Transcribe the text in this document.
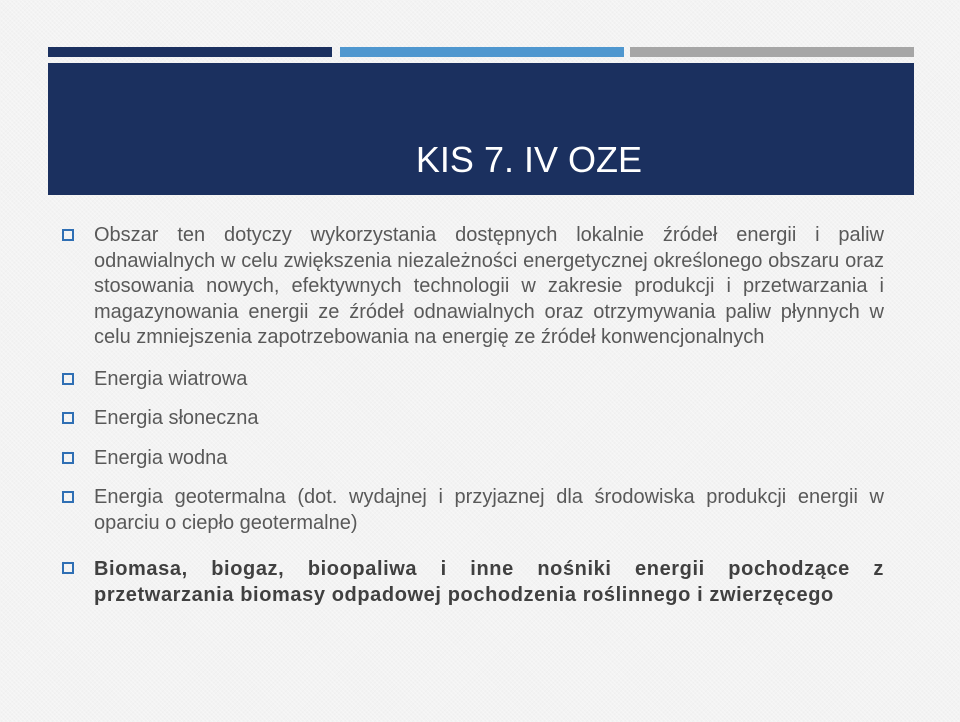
KIS 7. IV OZE
Obszar ten dotyczy wykorzystania dostępnych lokalnie źródeł energii i paliw odnawialnych w celu zwiększenia niezależności energetycznej określonego obszaru oraz stosowania nowych, efektywnych technologii w zakresie produkcji i przetwarzania i magazynowania energii ze źródeł odnawialnych oraz otrzymywania paliw płynnych w celu zmniejszenia zapotrzebowania na energię ze źródeł konwencjonalnych
Energia wiatrowa
Energia słoneczna
Energia wodna
Energia geotermalna (dot. wydajnej i przyjaznej dla środowiska produkcji energii w oparciu o ciepło geotermalne)
Biomasa, biogaz, bioopaliwa i inne nośniki energii pochodzące z przetwarzania biomasy odpadowej pochodzenia roślinnego i zwierzęcego
